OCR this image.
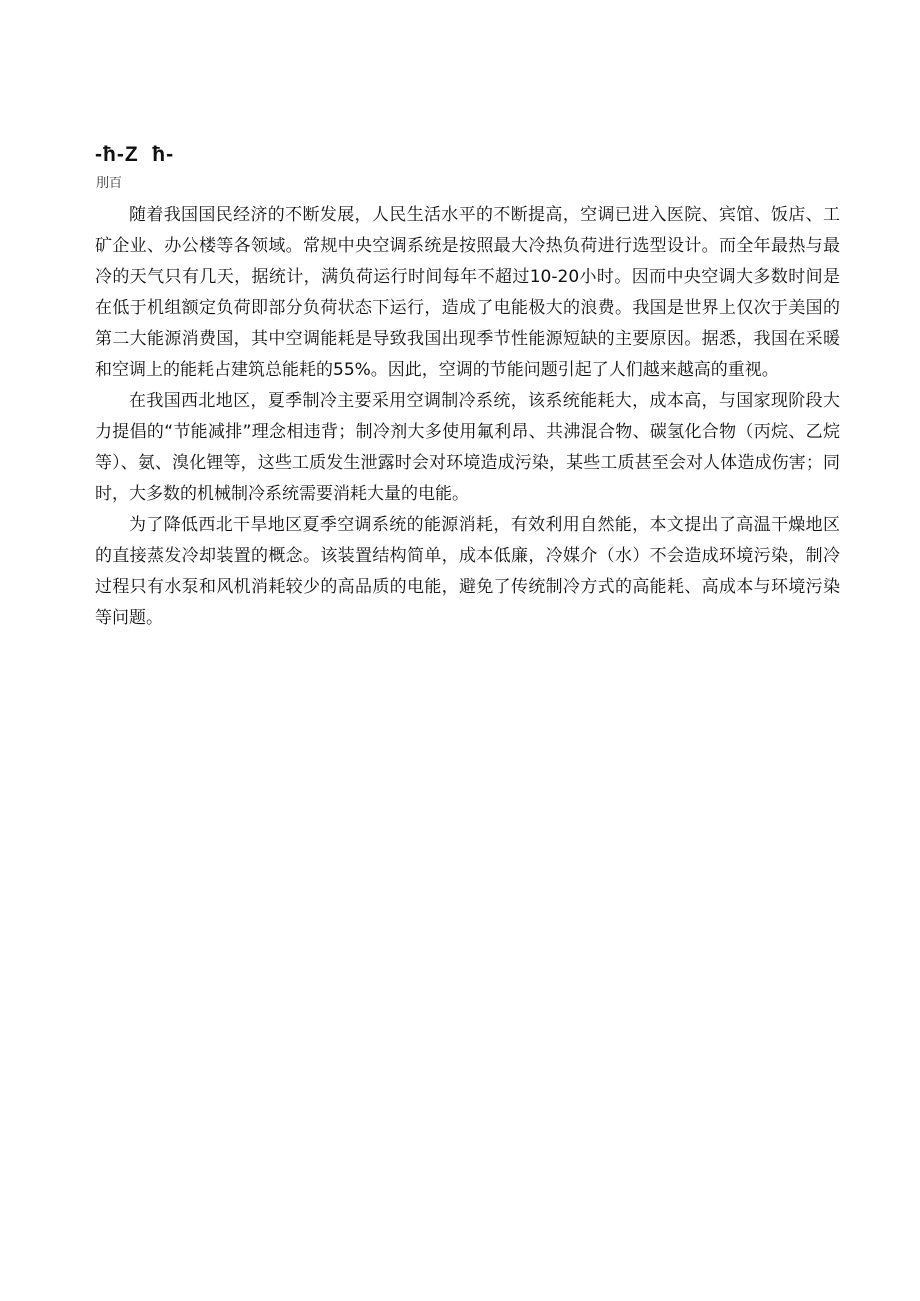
-ħ-Z  ħ-
刖百

随着我国国民经济的不断发展，人民生活水平的不断提高，空调已进入医院、宾馆、饭店、工矿企业、办公楼等各领域。常规中央空调系统是按照最大冷热负荷进行选型设计。而全年最热与最冷的天气只有几天，据统计，满负荷运行时间每年不超过10-20小时。因而中央空调大多数时间是在低于机组额定负荷即部分负荷状态下运行，造成了电能极大的浪费。我国是世界上仅次于美国的第二大能源消费国，其中空调能耗是导致我国出现季节性能源短缺的主要原因。据悉，我国在采暖和空调上的能耗占建筑总能耗的55%。因此，空调的节能问题引起了人们越来越高的重视。

在我国西北地区，夏季制冷主要采用空调制冷系统，该系统能耗大，成本高，与国家现阶段大力提倡的“节能减排”理念相违背；制冷剂大多使用氟利昂、共沸混合物、碳氢化合物（丙烷、乙烷等）、氨、溴化锂等，这些工质发生泄露时会对环境造成污染，某些工质甚至会对人体造成伤害；同时，大多数的机械制冷系统需要消耗大量的电能。

为了降低西北干旱地区夏季空调系统的能源消耗，有效利用自然能，本文提出了高温干燥地区的直接蒸发冷却装置的概念。该装置结构简单，成本低廉，冷媒介（水）不会造成环境污染，制冷过程只有水泵和风机消耗较少的高品质的电能，避免了传统制冷方式的高能耗、高成本与环境污染等问题。
